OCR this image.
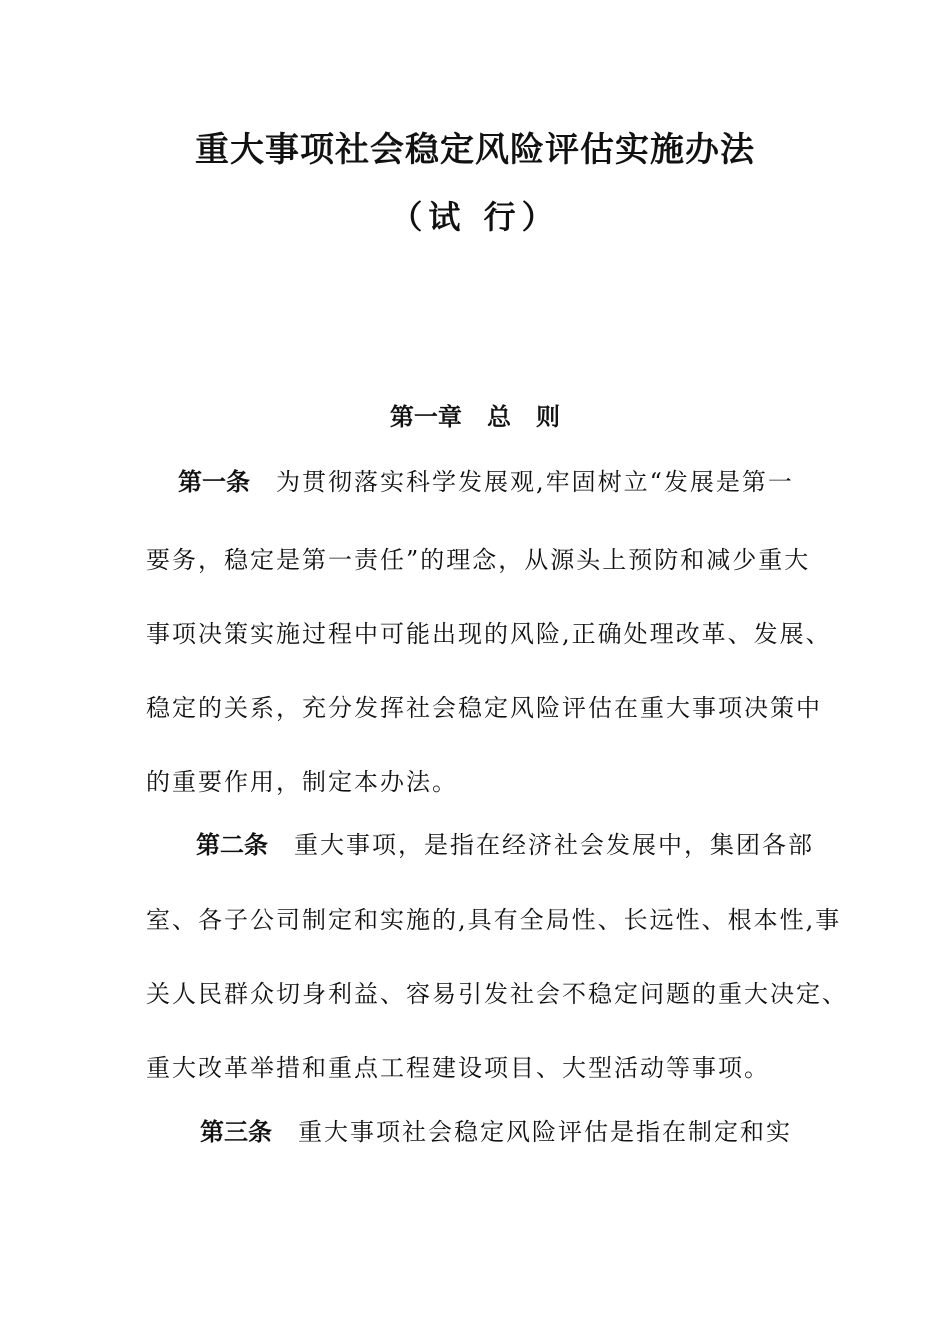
重大事项社会稳定风险评估实施办法
（试 行）
第一章   总   则
第一条 为贯彻落实科学发展观,牢固树立“发展是第一
要务，稳定是第一责任”的理念，从源头上预防和减少重大
事项决策实施过程中可能出现的风险,正确处理改革、发展、
稳定的关系，充分发挥社会稳定风险评估在重大事项决策中
的重要作用，制定本办法。
第二条 重大事项，是指在经济社会发展中，集团各部
室、各子公司制定和实施的,具有全局性、长远性、根本性,事
关人民群众切身利益、容易引发社会不稳定问题的重大决定、
重大改革举措和重点工程建设项目、大型活动等事项。
第三条 重大事项社会稳定风险评估是指在制定和实
